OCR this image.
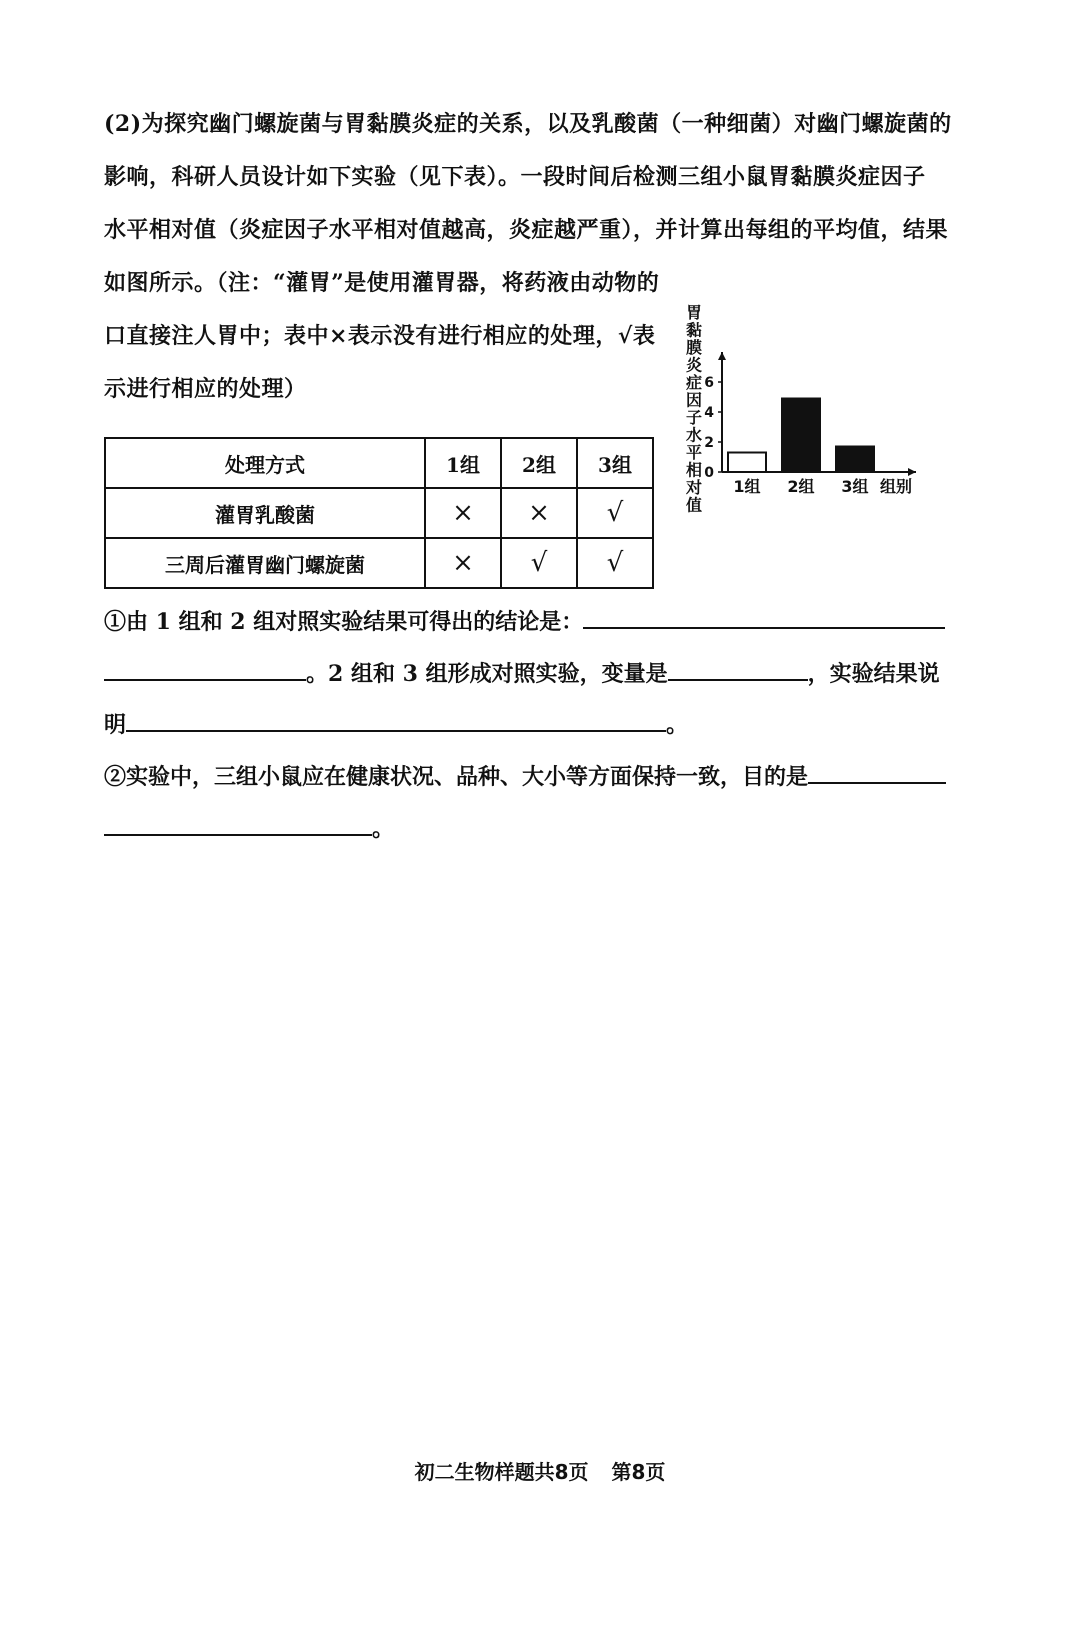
(2)为探究幽门螺旋菌与胃黏膜炎症的关系，以及乳酸菌（一种细菌）对幽门螺旋菌的
影响，科研人员设计如下实验（见下表）。一段时间后检测三组小鼠胃黏膜炎症因子
水平相对值（炎症因子水平相对值越高，炎症越严重），并计算出每组的平均值，结果
如图所示。（注：“灌胃”是使用灌胃器，将药液由动物的
口直接注人胃中；表中×表示没有进行相应的处理，√表
示进行相应的处理）
处理方式	1组	2组	3组
灌胃乳酸菌	×	×	√
三周后灌胃幽门螺旋菌	×	√	√
胃黏膜炎症因子水平相对值
0
2
4
6
1组 2组 3组 组别
①由 1 组和 2 组对照实验结果可得出的结论是：
。2 组和 3 组形成对照实验，变量是	，实验结果说
明	。
②实验中，三组小鼠应在健康状况、品种、大小等方面保持一致，目的是
。
初二生物样题共8页 第8页
